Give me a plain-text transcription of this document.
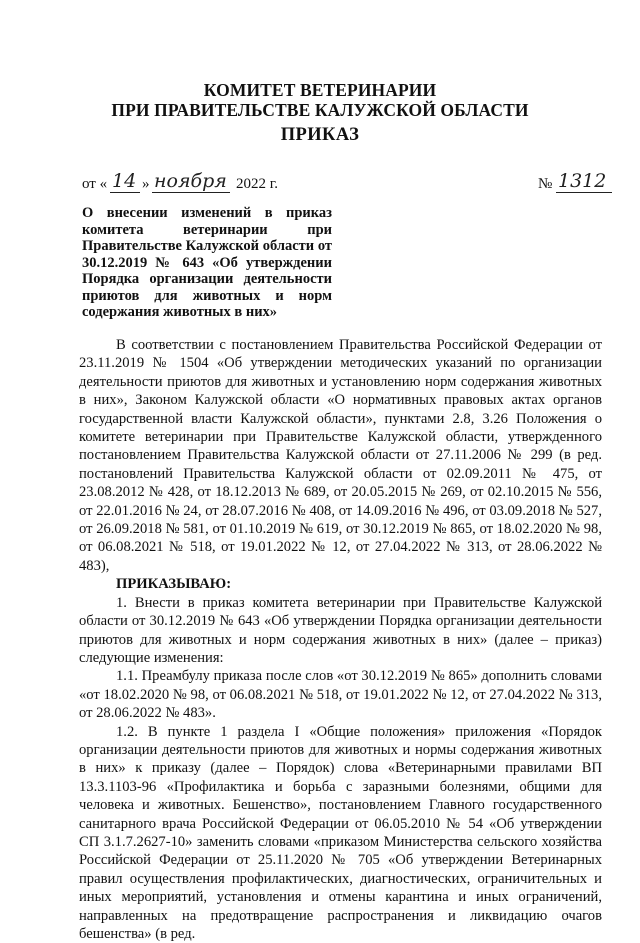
КОМИТЕТ ВЕТЕРИНАРИИ
ПРИ ПРАВИТЕЛЬСТВЕ КАЛУЖСКОЙ ОБЛАСТИ
ПРИКАЗ
от « 14 » ноября 2022 г.	№ 1312
О внесении изменений в приказ комитета ветеринарии при Правительстве Калужской области от 30.12.2019 № 643 «Об утверждении Порядка организации деятельности приютов для животных и норм содержания животных в них»

В соответствии с постановлением Правительства Российской Федерации от 23.11.2019 № 1504 «Об утверждении методических указаний по организации деятельности приютов для животных и установлению норм содержания животных в них», Законом Калужской области «О нормативных правовых актах органов государственной власти Калужской области», пунктами 2.8, 3.26 Положения о комитете ветеринарии при Правительстве Калужской области, утвержденного постановлением Правительства Калужской области от 27.11.2006 № 299 (в ред. постановлений Правительства Калужской области от 02.09.2011 № 475, от 23.08.2012 № 428, от 18.12.2013 № 689, от 20.05.2015 № 269, от 02.10.2015 № 556, от 22.01.2016 № 24, от 28.07.2016 № 408, от 14.09.2016 № 496, от 03.09.2018 № 527, от 26.09.2018 № 581, от 01.10.2019 № 619, от 30.12.2019 № 865, от 18.02.2020 № 98, от 06.08.2021 № 518, от 19.01.2022 № 12, от 27.04.2022 № 313, от 28.06.2022 № 483),

ПРИКАЗЫВАЮ:

1. Внести в приказ комитета ветеринарии при Правительстве Калужской области от 30.12.2019 № 643 «Об утверждении Порядка организации деятельности приютов для животных и норм содержания животных в них» (далее – приказ) следующие изменения:

1.1. Преамбулу приказа после слов «от 30.12.2019 № 865» дополнить словами «от 18.02.2020 № 98, от 06.08.2021 № 518, от 19.01.2022 № 12, от 27.04.2022 № 313, от 28.06.2022 № 483».

1.2. В пункте 1 раздела I «Общие положения» приложения «Порядок организации деятельности приютов для животных и нормы содержания животных в них» к приказу (далее – Порядок) слова «Ветеринарными правилами ВП 13.3.1103-96 «Профилактика и борьба с заразными болезнями, общими для человека и животных. Бешенство», постановлением Главного государственного санитарного врача Российской Федерации от 06.05.2010 № 54 «Об утверждении СП 3.1.7.2627-10» заменить словами «приказом Министерства сельского хозяйства Российской Федерации от 25.11.2020 № 705 «Об утверждении Ветеринарных правил осуществления профилактических, диагностических, ограничительных и иных мероприятий, установления и отмены карантина и иных ограничений, направленных на предотвращение распространения и ликвидацию очагов бешенства» (в ред.
